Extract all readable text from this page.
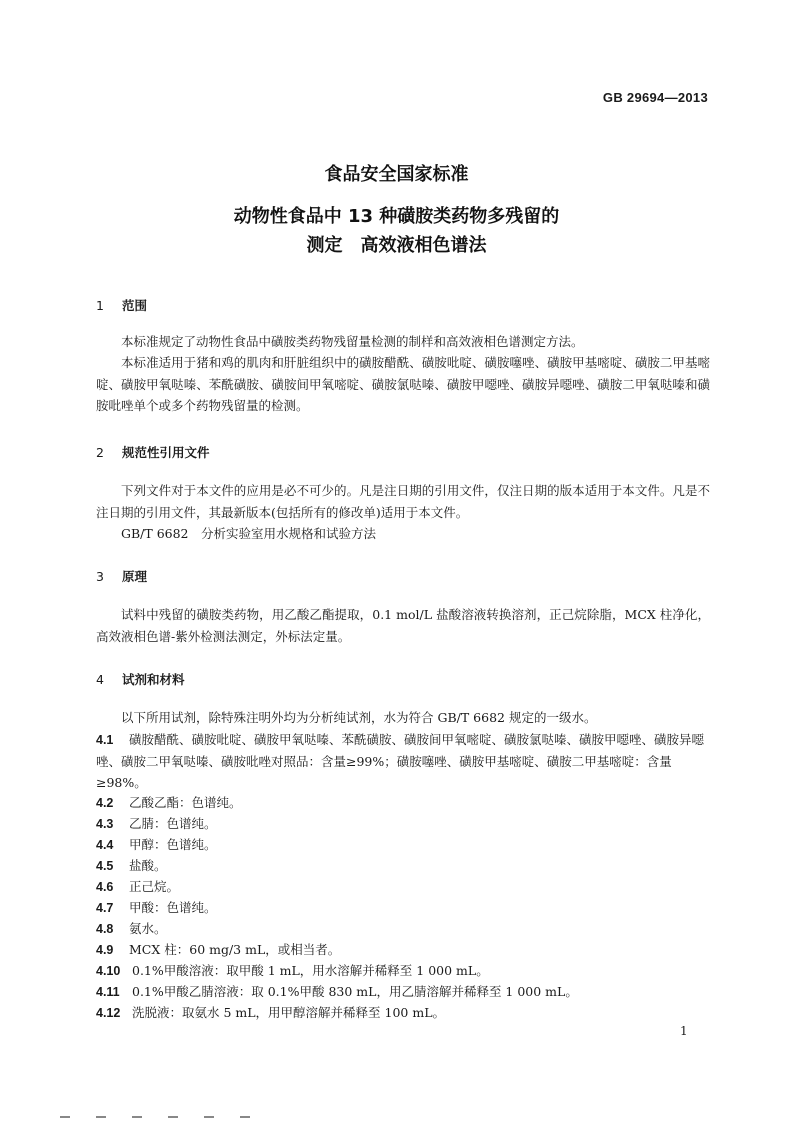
GB 29694—2013
食品安全国家标准
动物性食品中 13 种磺胺类药物多残留的
测定　高效液相色谱法
1 范围
本标准规定了动物性食品中磺胺类药物残留量检测的制样和高效液相色谱测定方法。
本标准适用于猪和鸡的肌肉和肝脏组织中的磺胺醋酰、磺胺吡啶、磺胺噻唑、磺胺甲基嘧啶、磺胺二甲基嘧啶、磺胺甲氧哒嗪、苯酰磺胺、磺胺间甲氧嘧啶、磺胺氯哒嗪、磺胺甲噁唑、磺胺异噁唑、磺胺二甲氧哒嗪和磺胺吡唑单个或多个药物残留量的检测。
2 规范性引用文件
下列文件对于本文件的应用是必不可少的。凡是注日期的引用文件，仅注日期的版本适用于本文件。凡是不注日期的引用文件，其最新版本(包括所有的修改单)适用于本文件。
GB/T 6682　分析实验室用水规格和试验方法
3 原理
试料中残留的磺胺类药物，用乙酸乙酯提取，0.1 mol/L 盐酸溶液转换溶剂，正己烷除脂，MCX 柱净化，高效液相色谱-紫外检测法测定，外标法定量。
4 试剂和材料
以下所用试剂，除特殊注明外均为分析纯试剂，水为符合 GB/T 6682 规定的一级水。
4.1 磺胺醋酰、磺胺吡啶、磺胺甲氧哒嗪、苯酰磺胺、磺胺间甲氧嘧啶、磺胺氯哒嗪、磺胺甲噁唑、磺胺异噁唑、磺胺二甲氧哒嗪、磺胺吡唑对照品：含量≥99%；磺胺噻唑、磺胺甲基嘧啶、磺胺二甲基嘧啶：含量≥98%。
4.2 乙酸乙酯：色谱纯。
4.3 乙腈：色谱纯。
4.4 甲醇：色谱纯。
4.5 盐酸。
4.6 正己烷。
4.7 甲酸：色谱纯。
4.8 氨水。
4.9 MCX 柱：60 mg/3 mL，或相当者。
4.10 0.1%甲酸溶液：取甲酸 1 mL，用水溶解并稀释至 1 000 mL。
4.11 0.1%甲酸乙腈溶液：取 0.1%甲酸 830 mL，用乙腈溶解并稀释至 1 000 mL。
4.12 洗脱液：取氨水 5 mL，用甲醇溶解并稀释至 100 mL。
1
